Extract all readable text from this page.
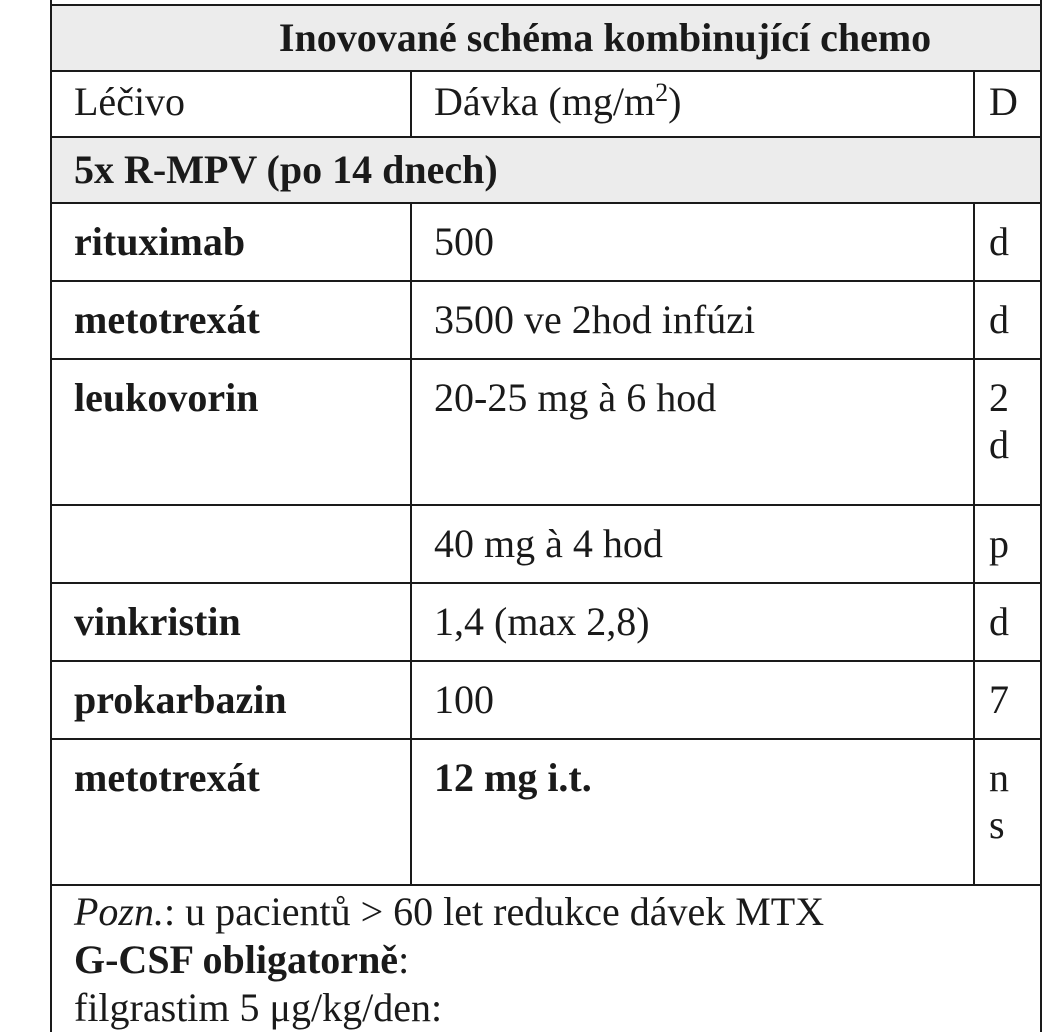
Inovované schéma kombinující chemo		
Léčivo	Dávka $(mg/m^2)$	D
5x R-MPV (po 14 dnech)		
rituximab	500	d
metotrexát	3500 ve 2hod infúzi	d
leukovorin	20-25 mg à 6 hod	2
d

	40 mg à 4 hod	p
vinkristin	1,4 (max 2,8)	d
prokarbazin	100	7
metotrexát	12 mg i.t.	n
s

Pozn.: u pacientů > 60 let redukce dávek MTX
G-CSF obligatorně:
filgrastim 5 μg/kg/den:		
